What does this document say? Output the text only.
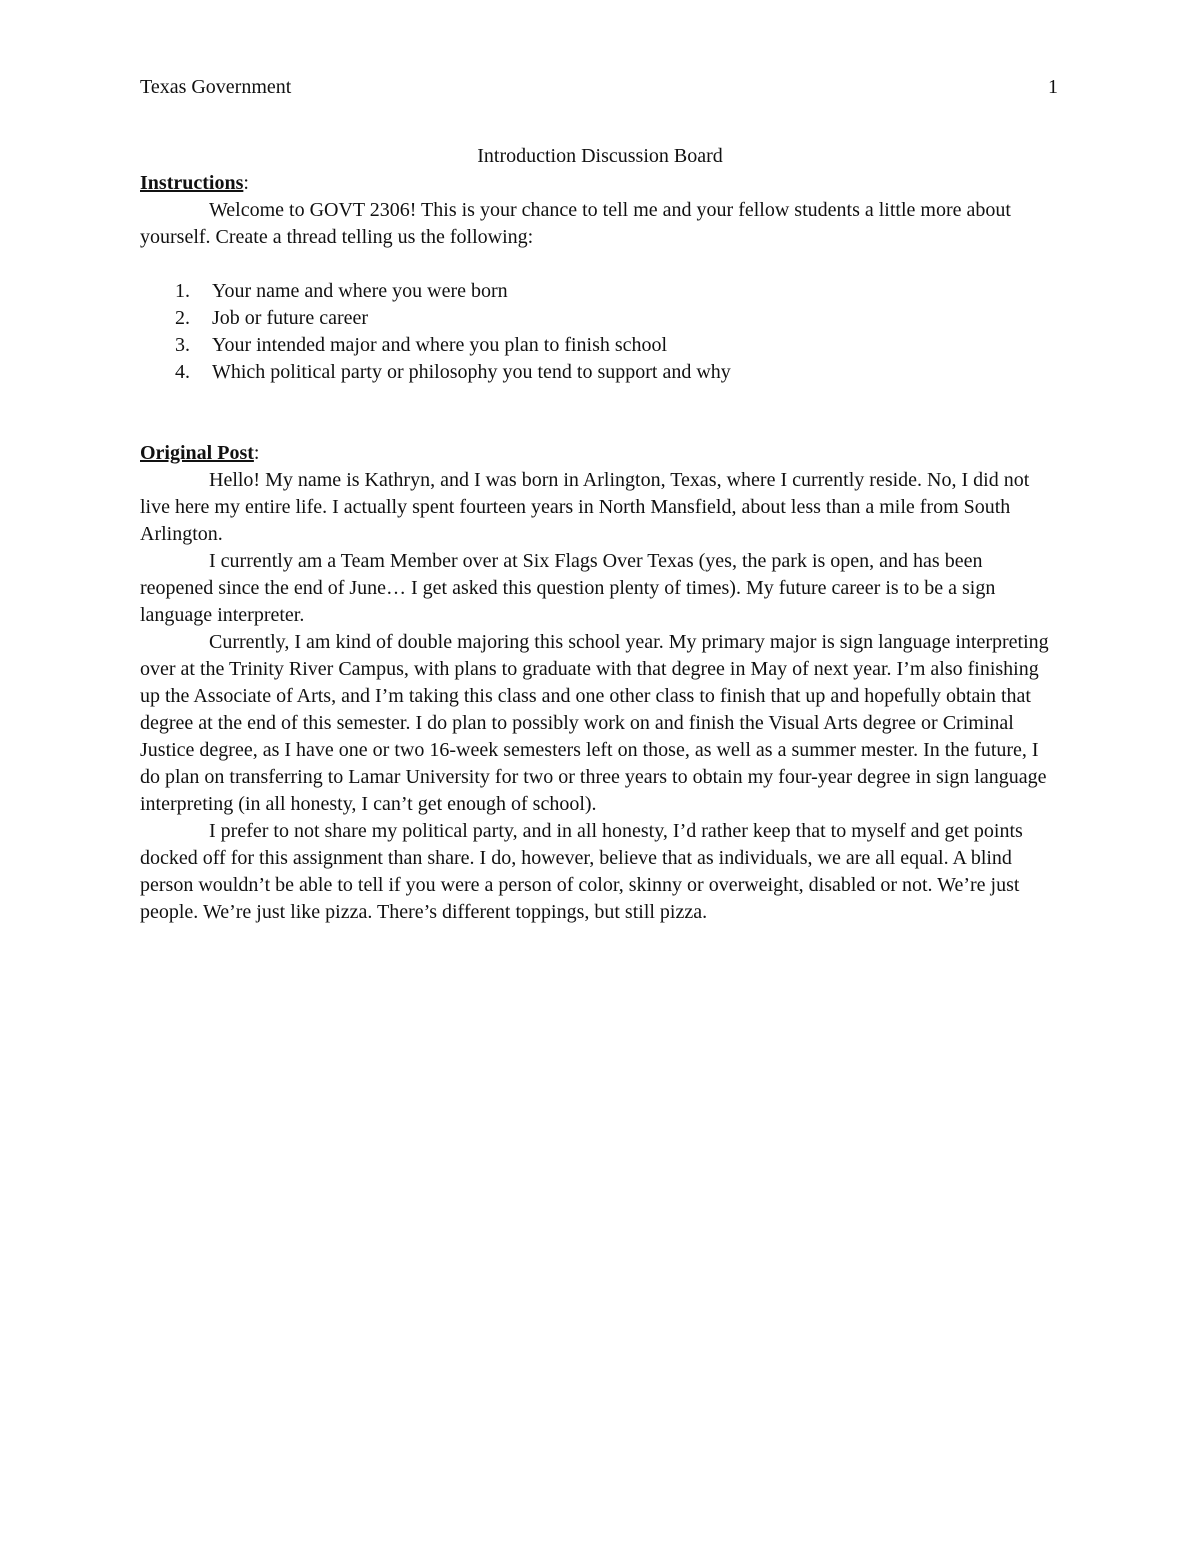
Texas Government	1
Introduction Discussion Board
Instructions:

Welcome to GOVT 2306! This is your chance to tell me and your fellow students a little more about yourself. Create a thread telling us the following:

1.	Your name and where you were born
2.	Job or future career
3.	Your intended major and where you plan to finish school
4.	Which political party or philosophy you tend to support and why
Original Post:

Hello! My name is Kathryn, and I was born in Arlington, Texas, where I currently reside. No, I did not live here my entire life. I actually spent fourteen years in North Mansfield, about less than a mile from South Arlington.

I currently am a Team Member over at Six Flags Over Texas (yes, the park is open, and has been reopened since the end of June… I get asked this question plenty of times). My future career is to be a sign language interpreter.

Currently, I am kind of double majoring this school year. My primary major is sign language interpreting over at the Trinity River Campus, with plans to graduate with that degree in May of next year. I’m also finishing up the Associate of Arts, and I’m taking this class and one other class to finish that up and hopefully obtain that degree at the end of this semester. I do plan to possibly work on and finish the Visual Arts degree or Criminal Justice degree, as I have one or two 16-week semesters left on those, as well as a summer mester. In the future, I do plan on transferring to Lamar University for two or three years to obtain my four-year degree in sign language interpreting (in all honesty, I can’t get enough of school).

I prefer to not share my political party, and in all honesty, I’d rather keep that to myself and get points docked off for this assignment than share. I do, however, believe that as individuals, we are all equal. A blind person wouldn’t be able to tell if you were a person of color, skinny or overweight, disabled or not. We’re just people. We’re just like pizza. There’s different toppings, but still pizza.
